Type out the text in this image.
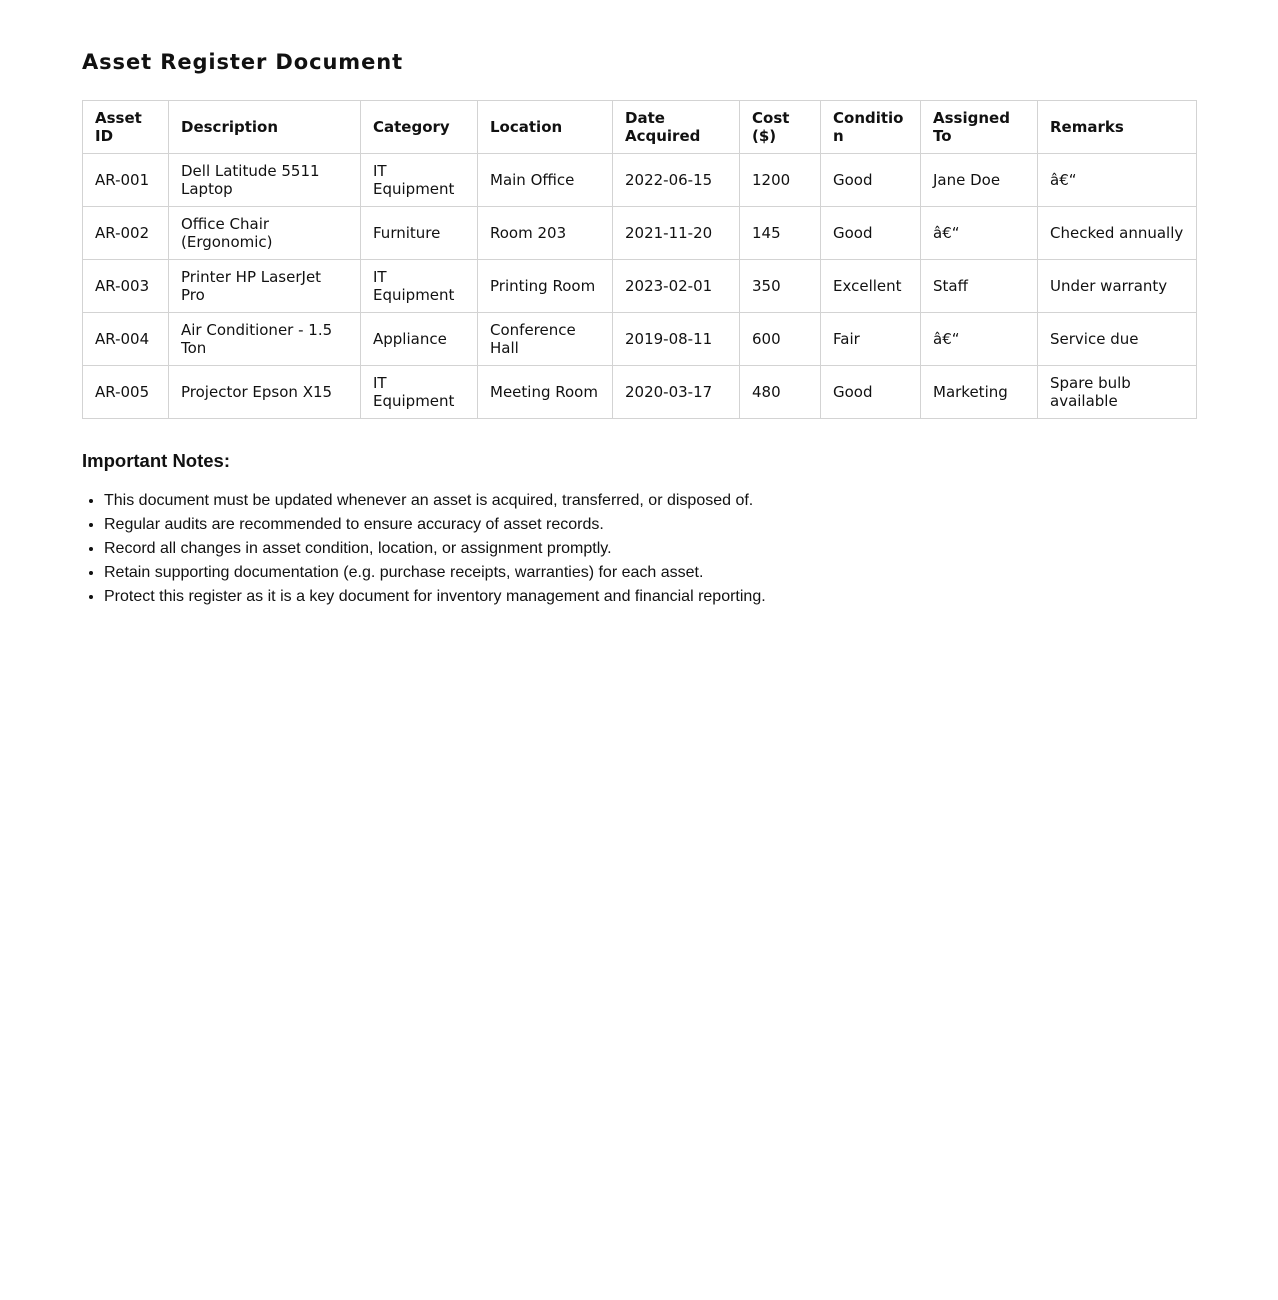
Asset Register Document
Asset ID	Description	Category	Location	Date Acquired	Cost ($)	Condition	Assigned To	Remarks
AR-001	Dell Latitude 5511 Laptop	IT Equipment	Main Office	2022-06-15	1200	Good	Jane Doe	â€“
AR-002	Office Chair (Ergonomic)	Furniture	Room 203	2021-11-20	145	Good	â€“	Checked annually
AR-003	Printer HP LaserJet Pro	IT Equipment	Printing Room	2023-02-01	350	Excellent	Staff	Under warranty
AR-004	Air Conditioner - 1.5 Ton	Appliance	Conference Hall	2019-08-11	600	Fair	â€“	Service due
AR-005	Projector Epson X15	IT Equipment	Meeting Room	2020-03-17	480	Good	Marketing	Spare bulb available
Important Notes:
• This document must be updated whenever an asset is acquired, transferred, or disposed of.
• Regular audits are recommended to ensure accuracy of asset records.
• Record all changes in asset condition, location, or assignment promptly.
• Retain supporting documentation (e.g. purchase receipts, warranties) for each asset.
• Protect this register as it is a key document for inventory management and financial reporting.
